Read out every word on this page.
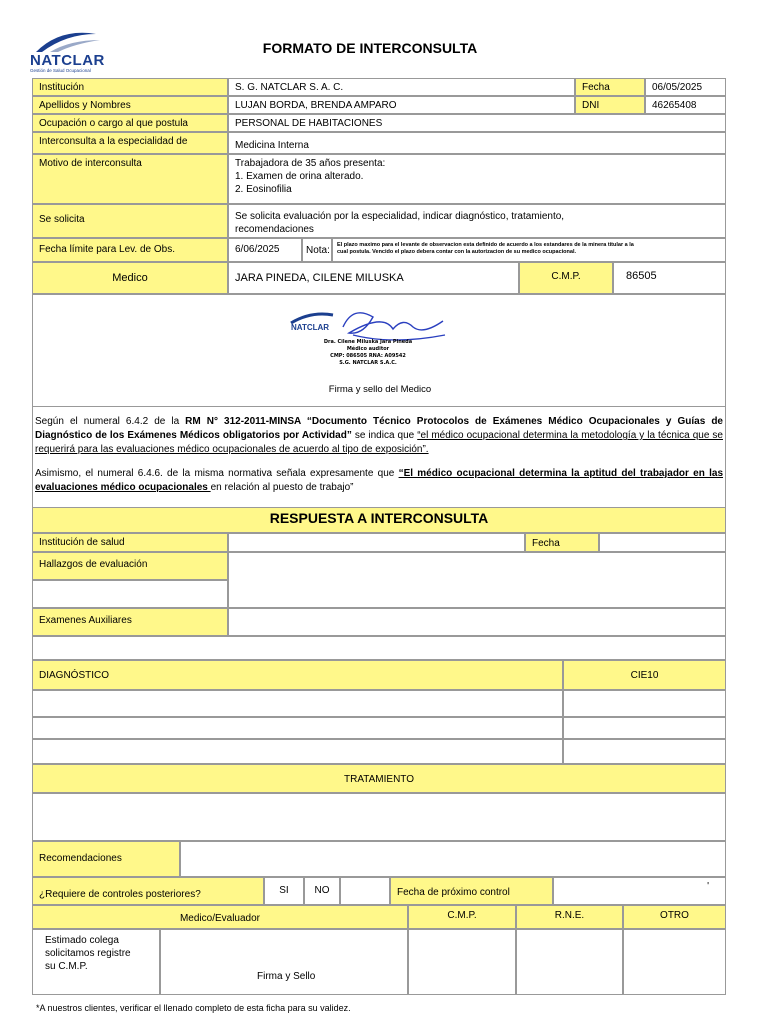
NATCLAR
Gestión de Salud Ocupacional
FORMATO DE INTERCONSULTA
Institución	S. G. NATCLAR S. A. C.	Fecha	06/05/2025
Apellidos y Nombres	LUJAN BORDA, BRENDA AMPARO	DNI	46265408
Ocupación o cargo al que postula	PERSONAL DE HABITACIONES
Interconsulta a la especialidad de	Medicina Interna
Motivo de interconsulta	Trabajadora de 35 años presenta:
1. Examen de orina alterado.
2. Eosinofilia
Se solicita	Se solicita evaluación por la especialidad, indicar diagnóstico, tratamiento,
recomendaciones
Fecha límite para Lev. de Obs.	6/06/2025	Nota:	El plazo maximo para el levante de observacion esta definido de acuerdo a los estandares de la minera titular a la
cual postula. Vencido el plazo debera contar con la autorizacion de su medico ocupacional.
Medico	JARA PINEDA, CILENE MILUSKA	C.M.P.	86505
NATCLAR
Dra. Cilene Miluska Jara Pineda
Médico auditor
CMP: 086505 RNA: A09542
S.G. NATCLAR S.A.C.
Firma y sello del Medico

Según el numeral 6.4.2 de la RM N° 312-2011-MINSA “Documento Técnico Protocolos de Exámenes Médico Ocupacionales y Guías de Diagnóstico de los Exámenes Médicos obligatorios por Actividad” se indica que “el médico ocupacional determina la metodología y la técnica que se requerirá para las evaluaciones médico ocupacionales de acuerdo al tipo de exposición”.

Asimismo, el numeral 6.4.6. de la misma normativa señala expresamente que “El médico ocupacional determina la aptitud del trabajador en las evaluaciones médico ocupacionales en relación al puesto de trabajo”

RESPUESTA A INTERCONSULTA
Institución de salud	Fecha
Hallazgos de evaluación
Examenes Auxiliares
DIAGNÓSTICO	CIE10
TRATAMIENTO
Recomendaciones
¿Requiere de controles posteriores?	SI	NO	Fecha de próximo control
'
Medico/Evaluador	C.M.P.	R.N.E.	OTRO
Estimado colega
solicitamos registre
su C.M.P.
Firma y Sello
*A nuestros clientes, verificar el llenado completo de esta ficha para su validez.
